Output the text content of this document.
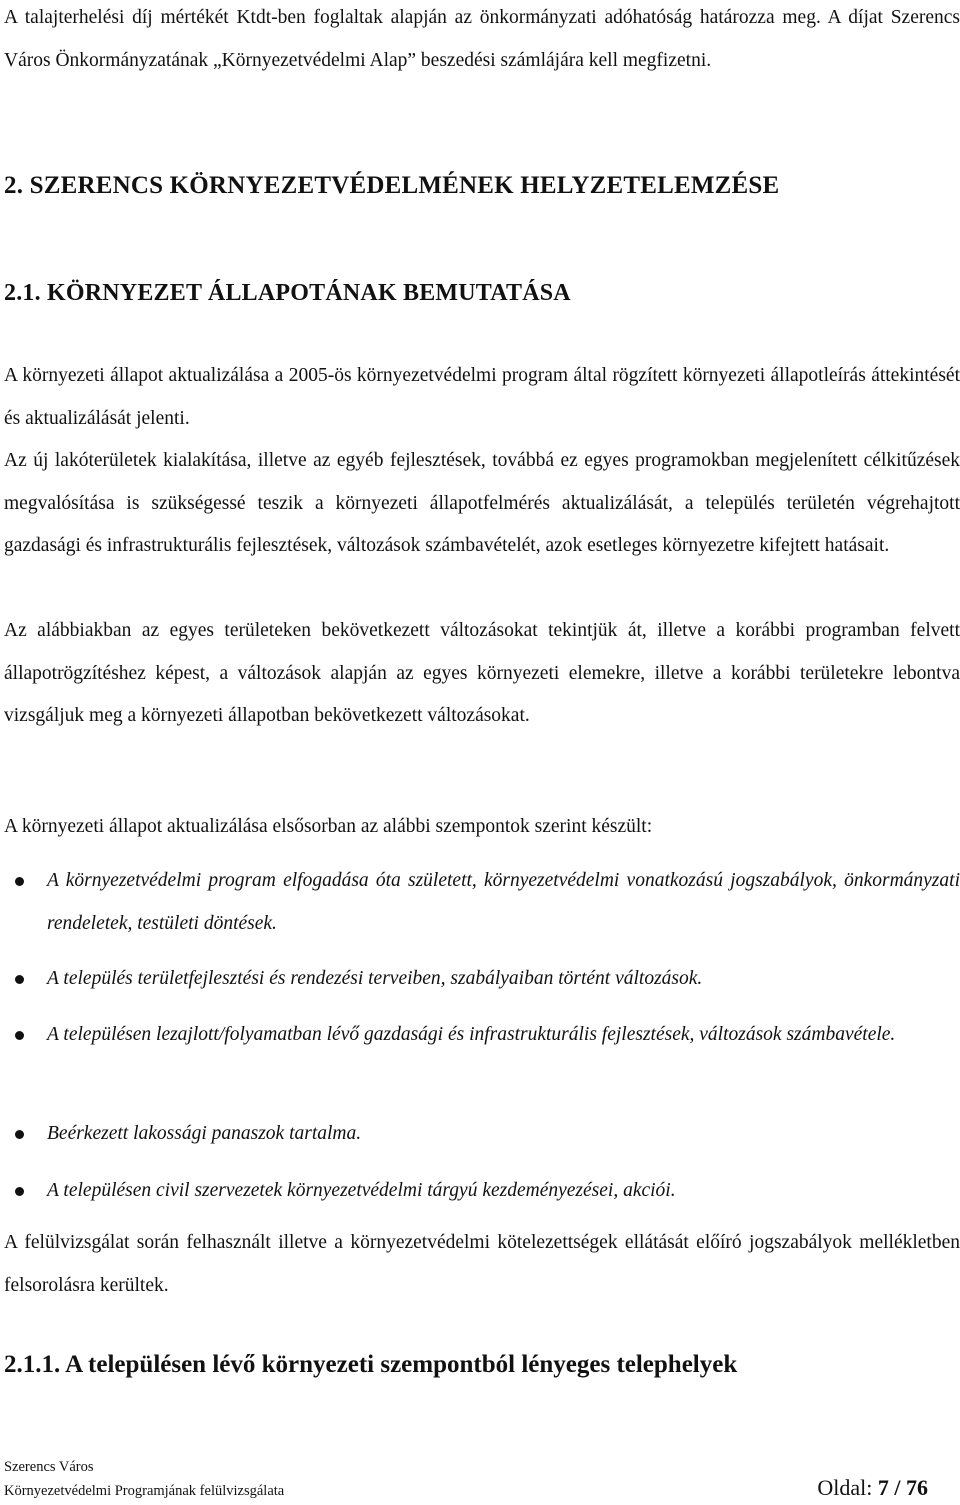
A talajterhelési díj mértékét Ktdt-ben foglaltak alapján az önkormányzati adóhatóság határozza meg. A díjat Szerencs Város Önkormányzatának „Környezetvédelmi Alap” beszedési számlájára kell megfizetni.

2. SZERENCS KÖRNYEZETVÉDELMÉNEK HELYZETELEMZÉSE
2.1. KÖRNYEZET ÁLLAPOTÁNAK BEMUTATÁSA

A környezeti állapot aktualizálása a 2005-ös környezetvédelmi program által rögzített környezeti állapotleírás áttekintését és aktualizálását jelenti.

Az új lakóterületek kialakítása, illetve az egyéb fejlesztések, továbbá ez egyes programokban megjelenített célkitűzések megvalósítása is szükségessé teszik a környezeti állapotfelmérés aktualizálását, a település területén végrehajtott gazdasági és infrastrukturális fejlesztések, változások számbavételét, azok esetleges környezetre kifejtett hatásait.

Az alábbiakban az egyes területeken bekövetkezett változásokat tekintjük át, illetve a korábbi programban felvett állapotrögzítéshez képest, a változások alapján az egyes környezeti elemekre, illetve a korábbi területekre lebontva vizsgáljuk meg a környezeti állapotban bekövetkezett változásokat.

A környezeti állapot aktualizálása elsősorban az alábbi szempontok szerint készült:

A környezetvédelmi program elfogadása óta született, környezetvédelmi vonatkozású jogszabályok, önkormányzati rendeletek, testületi döntések.
A település területfejlesztési és rendezési terveiben, szabályaiban történt változások.
A településen lezajlott/folyamatban lévő gazdasági és infrastrukturális fejlesztések, változások számbavétele.
Beérkezett lakossági panaszok tartalma.
A településen civil szervezetek környezetvédelmi tárgyú kezdeményezései, akciói.

A felülvizsgálat során felhasznált illetve a környezetvédelmi kötelezettségek ellátását előíró jogszabályok mellékletben felsorolásra kerültek.

2.1.1. A településen lévő környezeti szempontból lényeges telephelyek
Szerencs Város
Környezetvédelmi Programjának felülvizsgálata	Oldal: 7 / 76
